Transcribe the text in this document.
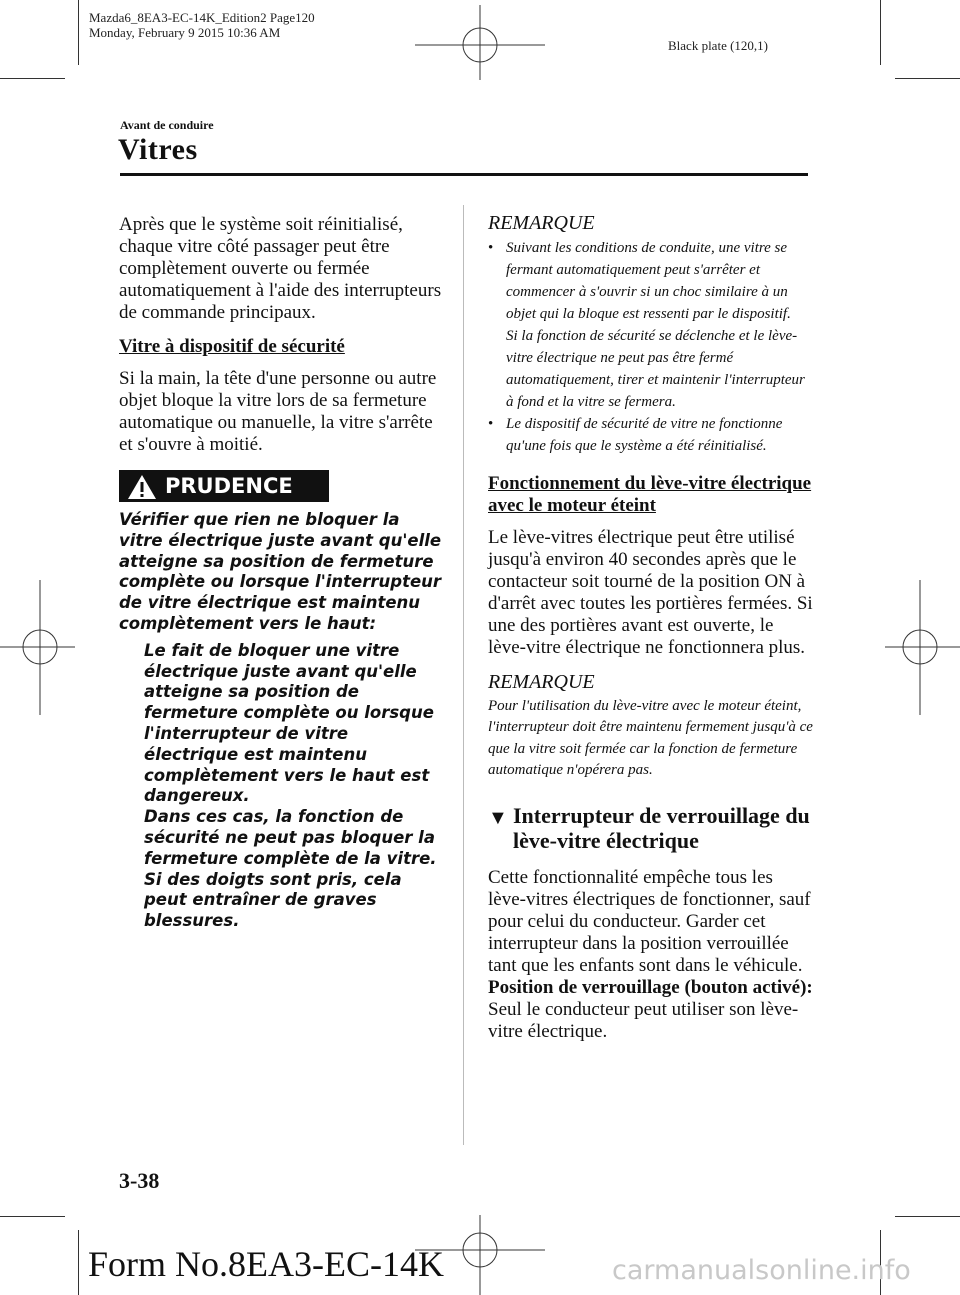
Mazda6_8EA3-EC-14K_Edition2 Page120
Monday, February 9 2015 10:36 AM
Black plate (120,1)
Avant de conduire
Vitres

Après que le système soit réinitialisé, chaque vitre côté passager peut être complètement ouverte ou fermée automatiquement à l'aide des interrupteurs de commande principaux.

Vitre à dispositif de sécurité

Si la main, la tête d'une personne ou autre objet bloque la vitre lors de sa fermeture automatique ou manuelle, la vitre s'arrête et s'ouvre à moitié.

PRUDENCE

Vérifier que rien ne bloquer la vitre électrique juste avant qu'elle atteigne sa position de fermeture complète ou lorsque l'interrupteur de vitre électrique est maintenu complètement vers le haut:

Le fait de bloquer une vitre électrique juste avant qu'elle atteigne sa position de fermeture complète ou lorsque l'interrupteur de vitre électrique est maintenu complètement vers le haut est dangereux.

Dans ces cas, la fonction de sécurité ne peut pas bloquer la fermeture complète de la vitre. Si des doigts sont pris, cela peut entraîner de graves blessures.

REMARQUE

• Suivant les conditions de conduite, une vitre se fermant automatiquement peut s'arrêter et commencer à s'ouvrir si un choc similaire à un objet qui la bloque est ressenti par le dispositif.

Si la fonction de sécurité se déclenche et le lève-vitre électrique ne peut pas être fermé automatiquement, tirer et maintenir l'interrupteur à fond et la vitre se fermera.

• Le dispositif de sécurité de vitre ne fonctionne qu'une fois que le système a été réinitialisé.

Fonctionnement du lève-vitre électrique avec le moteur éteint

Le lève-vitres électrique peut être utilisé jusqu'à environ 40 secondes après que le contacteur soit tourné de la position ON à d'arrêt avec toutes les portières fermées. Si une des portières avant est ouverte, le lève-vitre électrique ne fonctionnera plus.

REMARQUE

Pour l'utilisation du lève-vitre avec le moteur éteint, l'interrupteur doit être maintenu fermement jusqu'à ce que la vitre soit fermée car la fonction de fermeture automatique n'opérera pas.

▼ Interrupteur de verrouillage du lève-vitre électrique

Cette fonctionnalité empêche tous les lève-vitres électriques de fonctionner, sauf pour celui du conducteur. Garder cet interrupteur dans la position verrouillée tant que les enfants sont dans le véhicule.

Position de verrouillage (bouton activé):

Seul le conducteur peut utiliser son lève-vitre électrique.

3-38
Form No.8EA3-EC-14K	carmanualsonline.info
